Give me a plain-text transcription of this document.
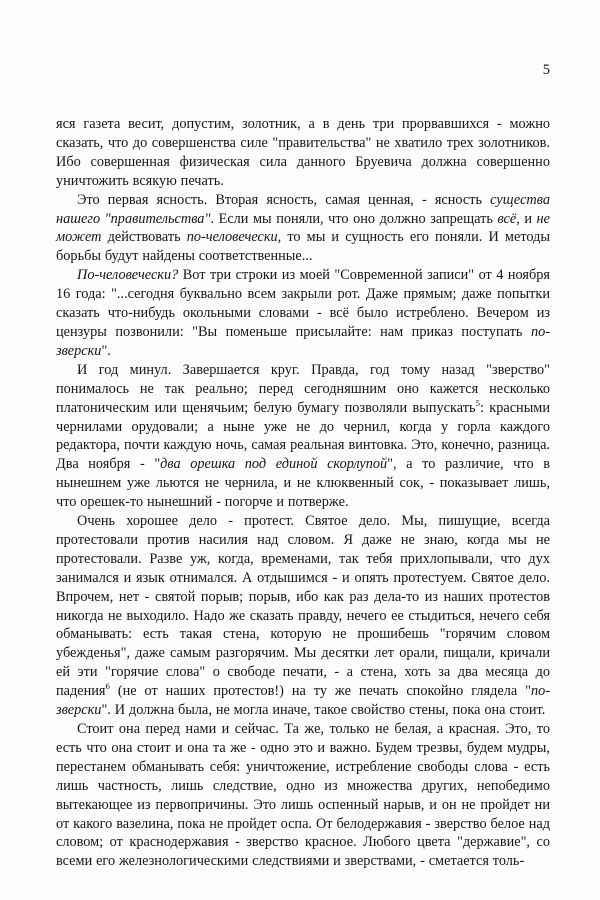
5

яся газета весит, допустим, золотник, а в день три прорвавшихся - можно сказать, что до совершенства силе "правительства" не хватило трех золотников. Ибо совершенная физическая сила данного Бруевича должна совершенно уничтожить всякую печать.

Это первая ясность. Вторая ясность, самая ценная, - ясность существа нашего "правительства". Если мы поняли, что оно должно запрещать всё, и не может действовать по-человечески, то мы и сущность его поняли. И методы борьбы будут найдены соответственные...

По-человечески? Вот три строки из моей "Современной записи" от 4 ноября 16 года: "...сегодня буквально всем закрыли рот. Даже прямым; даже попытки сказать что-нибудь окольными словами - всё было истреблено. Вечером из цензуры позвонили: "Вы поменьше присылайте: нам приказ поступать по-зверски".

И год минул. Завершается круг. Правда, год тому назад "зверство" понималось не так реально; перед сегодняшним оно кажется несколько платоническим или щенячьим; белую бумагу позволяли выпускать$^5$: красными чернилами орудовали; а ныне уже не до чернил, когда у горла каждого редактора, почти каждую ночь, самая реальная винтовка. Это, конечно, разница. Два ноября - "два орешка под единой скорлупой", а то различие, что в нынешнем уже льются не чернила, и не клюквенный сок, - показывает лишь, что орешек-то нынешний - погорче и потверже.

Очень хорошее дело - протест. Святое дело. Мы, пишущие, всегда протестовали против насилия над словом. Я даже не знаю, когда мы не протестовали. Разве уж, когда, временами, так тебя прихлопывали, что дух занимался и язык отнимался. А отдышимся - и опять протестуем. Святое дело. Впрочем, нет - святой порыв; порыв, ибо как раз дела-то из наших протестов никогда не выходило. Надо же сказать правду, нечего ее стыдиться, нечего себя обманывать: есть такая стена, которую не прошибешь "горячим словом убежденья", даже самым разгорячим. Мы десятки лет орали, пищали, кричали ей эти "горячие слова" о свободе печати, - а стена, хоть за два месяца до падения$^6$ (не от наших протестов!) на ту же печать спокойно глядела "по-зверски". И должна была, не могла иначе, такое свойство стены, пока она стоит.

Стоит она перед нами и сейчас. Та же, только не белая, а красная. Это, то есть что она стоит и она та же - одно это и важно. Будем трезвы, будем мудры, перестанем обманывать себя: уничтожение, истребление свободы слова - есть лишь частность, лишь следствие, одно из множества других, непобедимо вытекающее из первопричины. Это лишь оспенный нарыв, и он не пройдет ни от какого вазелина, пока не пройдет оспа. От белодержавия - зверство белое над словом; от краснодержавия - зверство красное. Любого цвета "державие", со всеми его железнологическими следствиями и зверствами, - сметается толь-
